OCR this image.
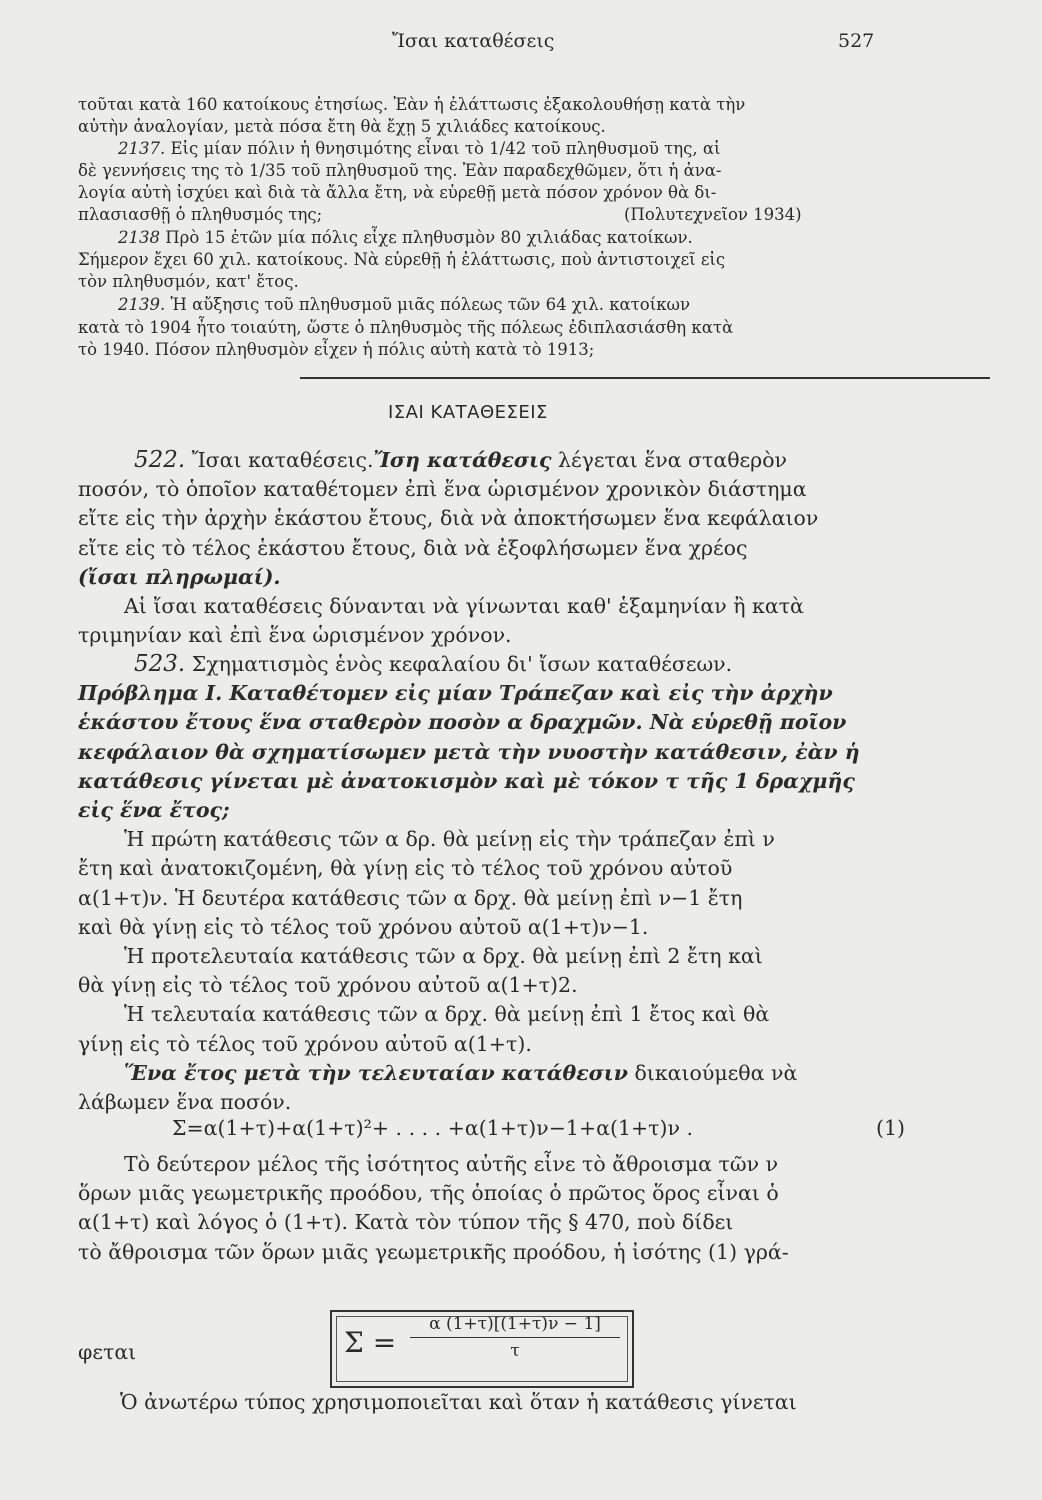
Ἴσαι καταθέσεις	527
τοῦται κατὰ 160 κατοίκους ἐτησίως. Ἐὰν ἡ ἐλάττωσις ἐξακολουθήσῃ κατὰ τὴν
αὐτὴν ἀναλογίαν, μετὰ πόσα ἔτη θὰ ἔχῃ 5 χιλιάδες κατοίκους.
2137. Εἰς μίαν πόλιν ἡ θνησιμότης εἶναι τὸ 1/42 τοῦ πληθυσμοῦ της, αἱ
δὲ γεννήσεις της τὸ 1/35 τοῦ πληθυσμοῦ της. Ἐὰν παραδεχθῶμεν, ὅτι ἡ ἀνα-
λογία αὐτὴ ἰσχύει καὶ διὰ τὰ ἄλλα ἔτη, νὰ εὑρεθῇ μετὰ πόσον χρόνον θὰ δι-
πλασιασθῇ ὁ πληθυσμός της;	(Πολυτεχνεῖον 1934)
2138 Πρὸ 15 ἐτῶν μία πόλις εἶχε πληθυσμὸν 80 χιλιάδας κατοίκων.
Σήμερον ἔχει 60 χιλ. κατοίκους. Νὰ εὑρεθῇ ἡ ἐλάττωσις, ποὺ ἀντιστοιχεῖ εἰς
τὸν πληθυσμόν, κατ' ἔτος.
2139. Ἡ αὔξησις τοῦ πληθυσμοῦ μιᾶς πόλεως τῶν 64 χιλ. κατοίκων
κατὰ τὸ 1904 ἦτο τοιαύτη, ὥστε ὁ πληθυσμὸς τῆς πόλεως ἐδιπλασιάσθη κατὰ
τὸ 1940. Πόσον πληθυσμὸν εἶχεν ἡ πόλις αὐτὴ κατὰ τὸ 1913;
ΙΣΑΙ ΚΑΤΑΘΕΣΕΙΣ
522. Ἴσαι καταθέσεις.Ἴση κατάθεσις λέγεται ἕνα σταθερὸν
ποσόν, τὸ ὁποῖον καταθέτομεν ἐπὶ ἕνα ὡρισμένον χρονικὸν διάστημα
εἴτε εἰς τὴν ἀρχὴν ἑκάστου ἔτους, διὰ νὰ ἀποκτήσωμεν ἕνα κεφάλαιον
εἴτε εἰς τὸ τέλος ἑκάστου ἔτους, διὰ νὰ ἐξοφλήσωμεν ἕνα χρέος
(ἴσαι πληρωμαί).
Αἱ ἴσαι καταθέσεις δύνανται νὰ γίνωνται καθ' ἑξαμηνίαν ἢ κατὰ
τριμηνίαν καὶ ἐπὶ ἕνα ὡρισμένον χρόνον.
523. Σχηματισμὸς ἑνὸς κεφαλαίου δι' ἴσων καταθέσεων.
Πρόβλημα Ι. Καταθέτομεν εἰς μίαν Τράπεζαν καὶ εἰς τὴν ἀρχὴν
ἑκάστου ἔτους ἕνα σταθερὸν ποσὸν α δραχμῶν. Νὰ εὑρεθῇ ποῖον
κεφάλαιον θὰ σχηματίσωμεν μετὰ τὴν νυοστὴν κατάθεσιν, ἐὰν ἡ
κατάθεσις γίνεται μὲ ἀνατοκισμὸν καὶ μὲ τόκον τ τῆς 1 δραχμῆς
εἰς ἕνα ἔτος;
Ἡ πρώτη κατάθεσις τῶν α δρ. θὰ μείνῃ εἰς τὴν τράπεζαν ἐπὶ ν
ἔτη καὶ ἀνατοκιζομένη, θὰ γίνῃ εἰς τὸ τέλος τοῦ χρόνου αὐτοῦ
α(1+τ)ν. Ἡ δευτέρα κατάθεσις τῶν α δρχ. θὰ μείνῃ ἐπὶ ν−1 ἔτη
καὶ θὰ γίνῃ εἰς τὸ τέλος τοῦ χρόνου αὐτοῦ α(1+τ)ν−1.
Ἡ προτελευταία κατάθεσις τῶν α δρχ. θὰ μείνῃ ἐπὶ 2 ἔτη καὶ
θὰ γίνῃ εἰς τὸ τέλος τοῦ χρόνου αὐτοῦ α(1+τ)2.
Ἡ τελευταία κατάθεσις τῶν α δρχ. θὰ μείνῃ ἐπὶ 1 ἔτος καὶ θὰ
γίνῃ εἰς τὸ τέλος τοῦ χρόνου αὐτοῦ α(1+τ).
Ἕνα ἔτος μετὰ τὴν τελευταίαν κατάθεσιν δικαιούμεθα νὰ
λάβωμεν ἕνα ποσόν.
Σ=α(1+τ)+α(1+τ)²+ . . . . +α(1+τ)ν−1+α(1+τ)ν .	(1)
Τὸ δεύτερον μέλος τῆς ἰσότητος αὐτῆς εἶνε τὸ ἄθροισμα τῶν ν
ὅρων μιᾶς γεωμετρικῆς προόδου, τῆς ὁποίας ὁ πρῶτος ὅρος εἶναι ὁ
α(1+τ) καὶ λόγος ὁ (1+τ). Κατὰ τὸν τύπον τῆς § 470, ποὺ δίδει
τὸ ἄθροισμα τῶν ὅρων μιᾶς γεωμετρικῆς προόδου, ἡ ἰσότης (1) γρά-
φεται	$\Sigma = \frac{\alpha (1+\tau)[(1+\tau)\nu - 1]}{\tau}$
Ὁ ἀνωτέρω τύπος χρησιμοποιεῖται καὶ ὅταν ἡ κατάθεσις γίνεται
